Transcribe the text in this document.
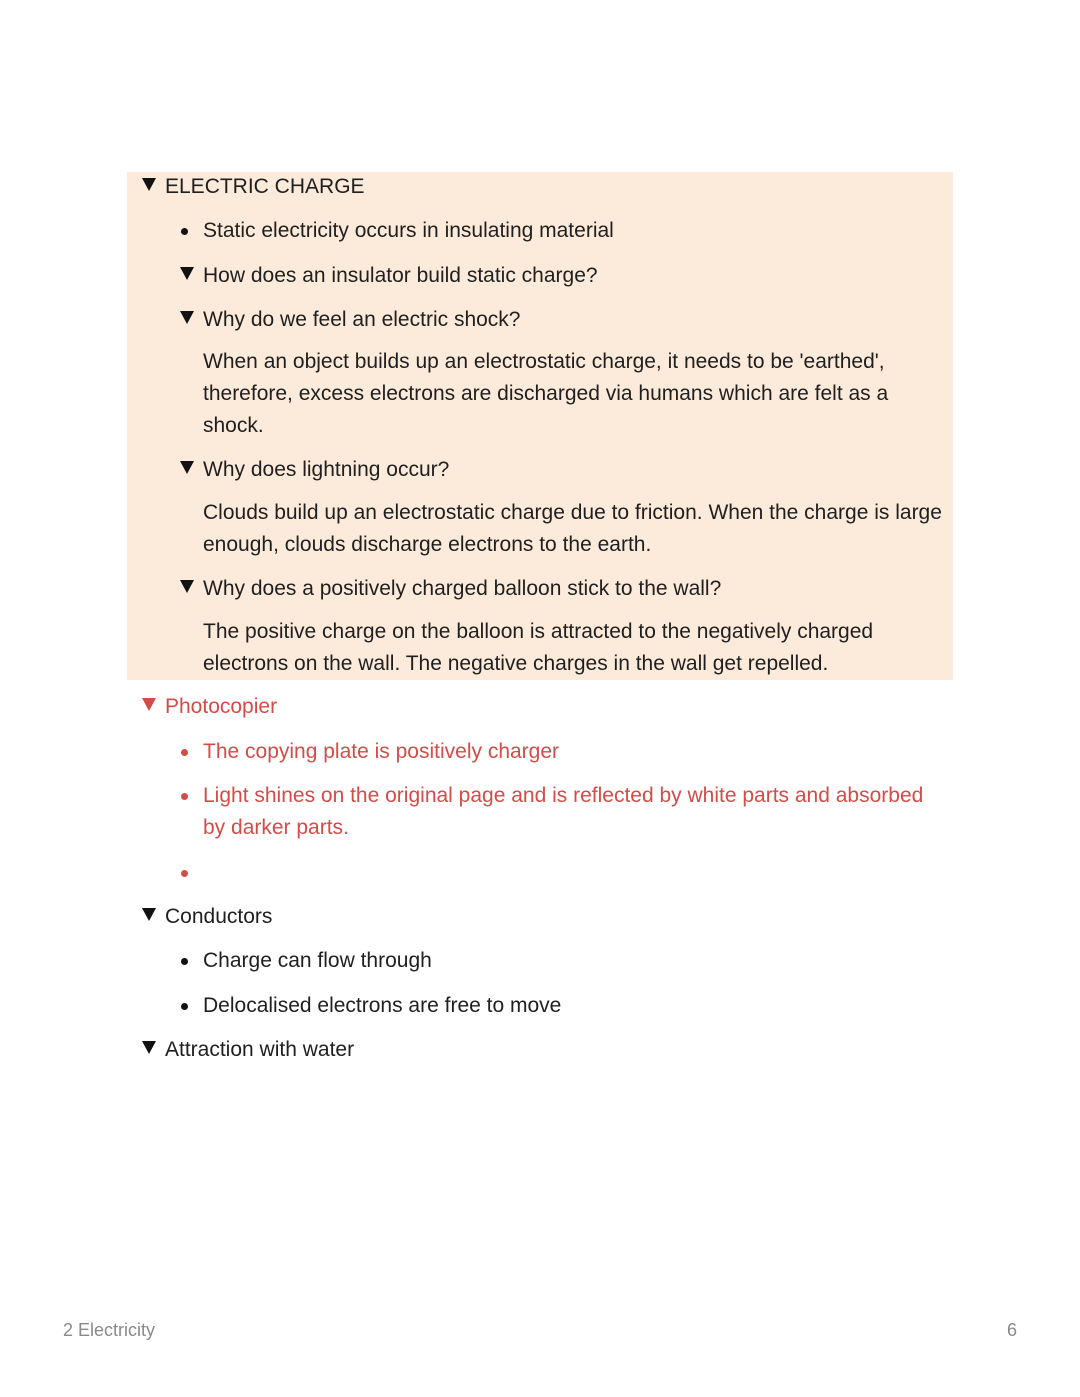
ELECTRIC CHARGE
Static electricity occurs in insulating material
How does an insulator build static charge?
Why do we feel an electric shock?
When an object builds up an electrostatic charge, it needs to be 'earthed', therefore, excess electrons are discharged via humans which are felt as a shock.
Why does lightning occur?
Clouds build up an electrostatic charge due to friction. When the charge is large enough, clouds discharge electrons to the earth.
Why does a positively charged balloon stick to the wall?
The positive charge on the balloon is attracted to the negatively charged electrons on the wall. The negative charges in the wall get repelled.
Photocopier
The copying plate is positively charger
Light shines on the original page and is reflected by white parts and absorbed by darker parts.
Conductors
Charge can flow through
Delocalised electrons are free to move
Attraction with water
2 Electricity	6
